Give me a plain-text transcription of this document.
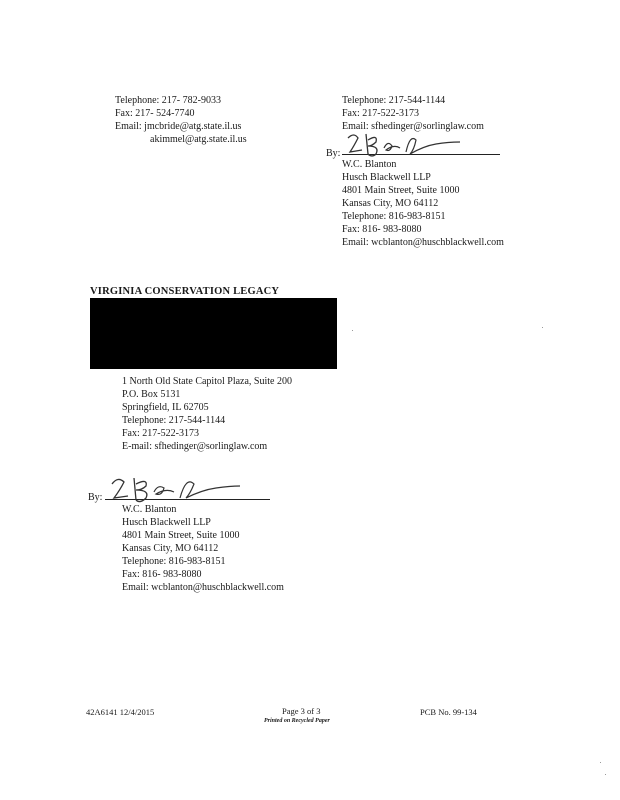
Telephone: 217- 782-9033
Fax: 217- 524-7740
Email: jmcbride@atg.state.il.us
akimmel@atg.state.il.us
Telephone: 217-544-1144
Fax: 217-522-3173
Email: sfhedinger@sorlinglaw.com
By:
W.C. Blanton
Husch Blackwell LLP
4801 Main Street, Suite 1000
Kansas City, MO 64112
Telephone: 816-983-8151
Fax: 816- 983-8080
Email: wcblanton@huschblackwell.com
VIRGINIA CONSERVATION LEGACY
1 North Old State Capitol Plaza, Suite 200
P.O. Box 5131
Springfield, IL 62705
Telephone: 217-544-1144
Fax: 217-522-3173
E-mail: sfhedinger@sorlinglaw.com
By:
W.C. Blanton
Husch Blackwell LLP
4801 Main Street, Suite 1000
Kansas City, MO 64112
Telephone: 816-983-8151
Fax: 816- 983-8080
Email: wcblanton@huschblackwell.com
42A6141 12/4/2015	Page 3 of 3
Printed on Recycled Paper
PCB No. 99-134
